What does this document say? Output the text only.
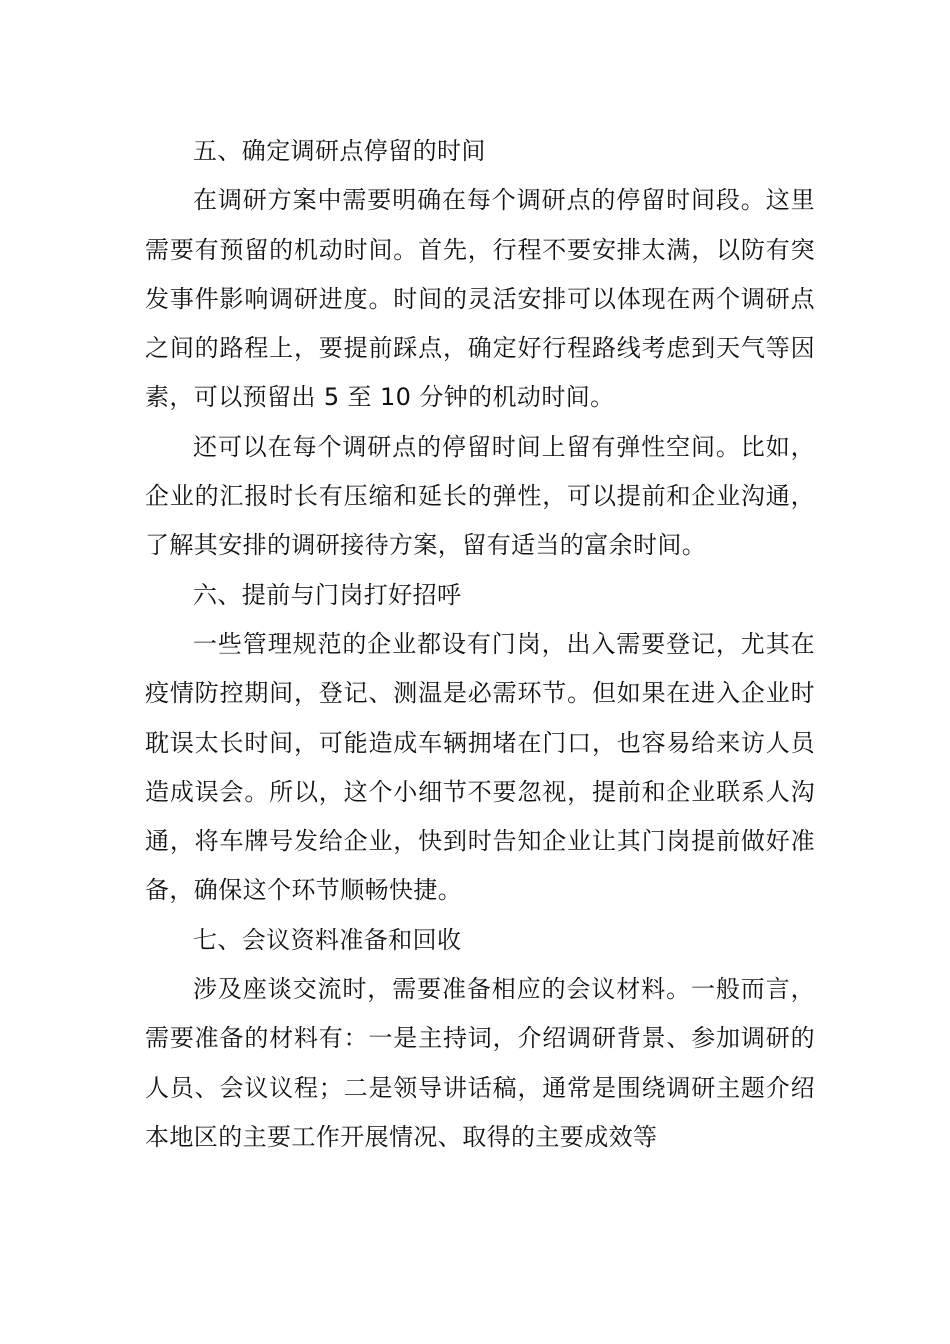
五、确定调研点停留的时间

在调研方案中需要明确在每个调研点的停留时间段。这里需要有预留的机动时间。首先，行程不要安排太满，以防有突发事件影响调研进度。时间的灵活安排可以体现在两个调研点之间的路程上，要提前踩点，确定好行程路线考虑到天气等因素，可以预留出 5 至 10 分钟的机动时间。

还可以在每个调研点的停留时间上留有弹性空间。比如，企业的汇报时长有压缩和延长的弹性，可以提前和企业沟通，了解其安排的调研接待方案，留有适当的富余时间。

六、提前与门岗打好招呼

一些管理规范的企业都设有门岗，出入需要登记，尤其在疫情防控期间，登记、测温是必需环节。但如果在进入企业时耽误太长时间，可能造成车辆拥堵在门口，也容易给来访人员造成误会。所以，这个小细节不要忽视，提前和企业联系人沟通，将车牌号发给企业，快到时告知企业让其门岗提前做好准备，确保这个环节顺畅快捷。

七、会议资料准备和回收

涉及座谈交流时，需要准备相应的会议材料。一般而言，需要准备的材料有：一是主持词，介绍调研背景、参加调研的人员、会议议程；二是领导讲话稿，通常是围绕调研主题介绍本地区的主要工作开展情况、取得的主要成效等
